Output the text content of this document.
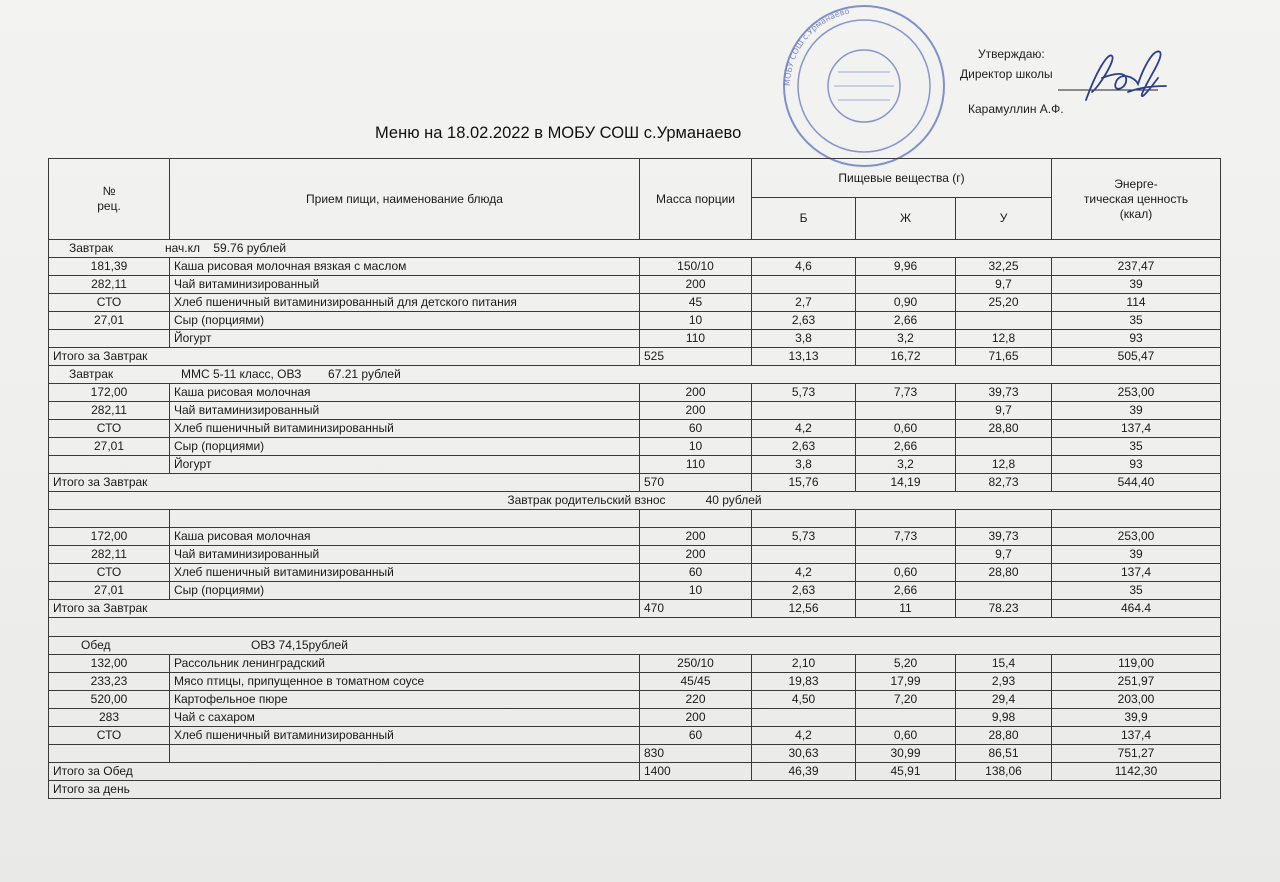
МОБУ СОШ с.Урманаево
Утверждаю:
Директор школы
Карамуллин А.Ф.
Меню на 18.02.2022 в МОБУ СОШ с.Урманаево
№
рец.	Прием пищи, наименование блюда	Масса порции	Пищевые вещества (г)			Энерге-
тическая ценность
(ккал)
			Б	Ж	У	
Завтрак нач.кл 59.76 рублей						
181,39	Каша рисовая молочная вязкая с маслом	150/10	4,6	9,96	32,25	237,47
282,11	Чай витаминизированный	200			9,7	39
СТО	Хлеб пшеничный витаминизированный для детского питания	45	2,7	0,90	25,20	114
27,01	Сыр (порциями)	10	2,63	2,66		35
	Йогурт	110	3,8	3,2	12,8	93
Итого за Завтрак		525	13,13	16,72	71,65	505,47
Завтрак ММС 5-11 класс, ОВЗ 67.21 рублей						
172,00	Каша рисовая молочная	200	5,73	7,73	39,73	253,00
282,11	Чай витаминизированный	200			9,7	39
СТО	Хлеб пшеничный витаминизированный	60	4,2	0,60	28,80	137,4
27,01	Сыр (порциями)	10	2,63	2,66		35
	Йогурт	110	3,8	3,2	12,8	93
Итого за Завтрак		570	15,76	14,19	82,73	544,40
Завтрак родительский взнос 40 рублей						

172,00	Каша рисовая молочная	200	5,73	7,73	39,73	253,00
282,11	Чай витаминизированный	200			9,7	39
СТО	Хлеб пшеничный витаминизированный	60	4,2	0,60	28,80	137,4
27,01	Сыр (порциями)	10	2,63	2,66		35
Итого за Завтрак		470	12,56	11	78.23	464.4

Обед ОВЗ 74,15рублей						
132,00	Рассольник ленинградский	250/10	2,10	5,20	15,4	119,00
233,23	Мясо птицы, припущенное в томатном соусе	45/45	19,83	17,99	2,93	251,97
520,00	Картофельное пюре	220	4,50	7,20	29,4	203,00
283	Чай с сахаром	200			9,98	39,9
СТО	Хлеб пшеничный витаминизированный	60	4,2	0,60	28,80	137,4
		830	30,63	30,99	86,51	751,27
Итого за Обед		1400	46,39	45,91	138,06	1142,30
Итого за день						
